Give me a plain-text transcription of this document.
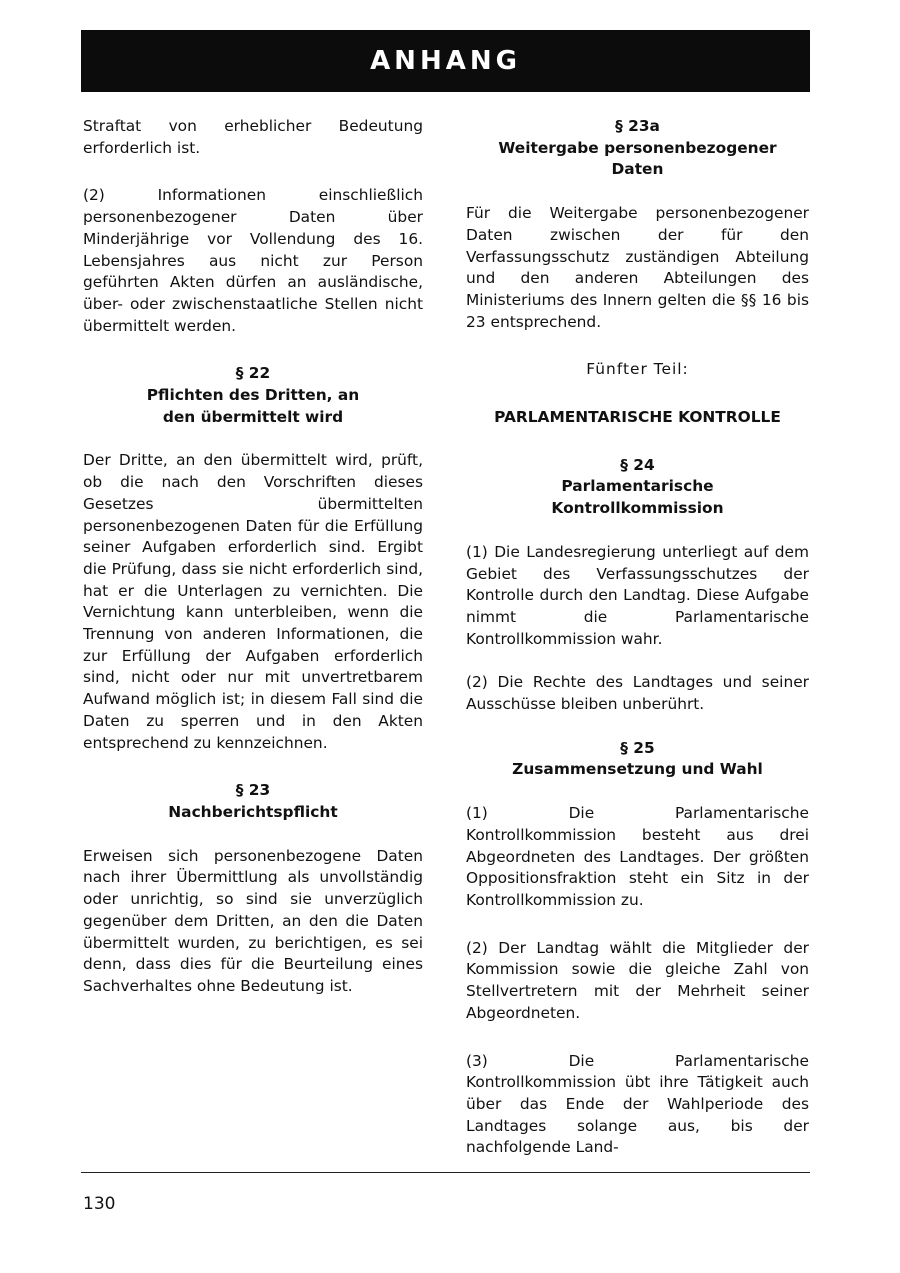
ANHANG

Straftat von erheblicher Bedeutung erforderlich ist.

(2) Informationen einschließlich personenbezogener Daten über Minderjährige vor Vollendung des 16. Lebensjahres aus nicht zur Person geführten Akten dürfen an ausländische, über- oder zwischenstaatliche Stellen nicht übermittelt werden.

§ 22

Pflichten des Dritten, an den übermittelt wird

Der Dritte, an den übermittelt wird, prüft, ob die nach den Vorschriften dieses Gesetzes übermittelten personenbezogenen Daten für die Erfüllung seiner Aufgaben erforderlich sind. Ergibt die Prüfung, dass sie nicht erforderlich sind, hat er die Unterlagen zu vernichten. Die Vernichtung kann unterbleiben, wenn die Trennung von anderen Informationen, die zur Erfüllung der Aufgaben erforderlich sind, nicht oder nur mit unvertretbarem Aufwand möglich ist; in diesem Fall sind die Daten zu sperren und in den Akten entsprechend zu kennzeichnen.

§ 23

Nachberichtspflicht

Erweisen sich personenbezogene Daten nach ihrer Übermittlung als unvollständig oder unrichtig, so sind sie unverzüglich gegenüber dem Dritten, an den die Daten übermittelt wurden, zu berichtigen, es sei denn, dass dies für die Beurteilung eines Sachverhaltes ohne Bedeutung ist.

§ 23a

Weitergabe personenbezogener Daten

Für die Weitergabe personenbezogener Daten zwischen der für den Verfassungsschutz zuständigen Abteilung und den anderen Abteilungen des Ministeriums des Innern gelten die §§ 16 bis 23 entsprechend.

Fünfter Teil:

PARLAMENTARISCHE KONTROLLE

§ 24

Parlamentarische Kontrollkommission

(1) Die Landesregierung unterliegt auf dem Gebiet des Verfassungsschutzes der Kontrolle durch den Landtag. Diese Aufgabe nimmt die Parlamentarische Kontrollkommission wahr.

(2) Die Rechte des Landtages und seiner Ausschüsse bleiben unberührt.

§ 25

Zusammensetzung und Wahl

(1) Die Parlamentarische Kontrollkommission besteht aus drei Abgeordneten des Landtages. Der größten Oppositionsfraktion steht ein Sitz in der Kontrollkommission zu.

(2) Der Landtag wählt die Mitglieder der Kommission sowie die gleiche Zahl von Stellvertretern mit der Mehrheit seiner Abgeordneten.

(3) Die Parlamentarische Kontrollkommission übt ihre Tätigkeit auch über das Ende der Wahlperiode des Landtages solange aus, bis der nachfolgende Land-

130
